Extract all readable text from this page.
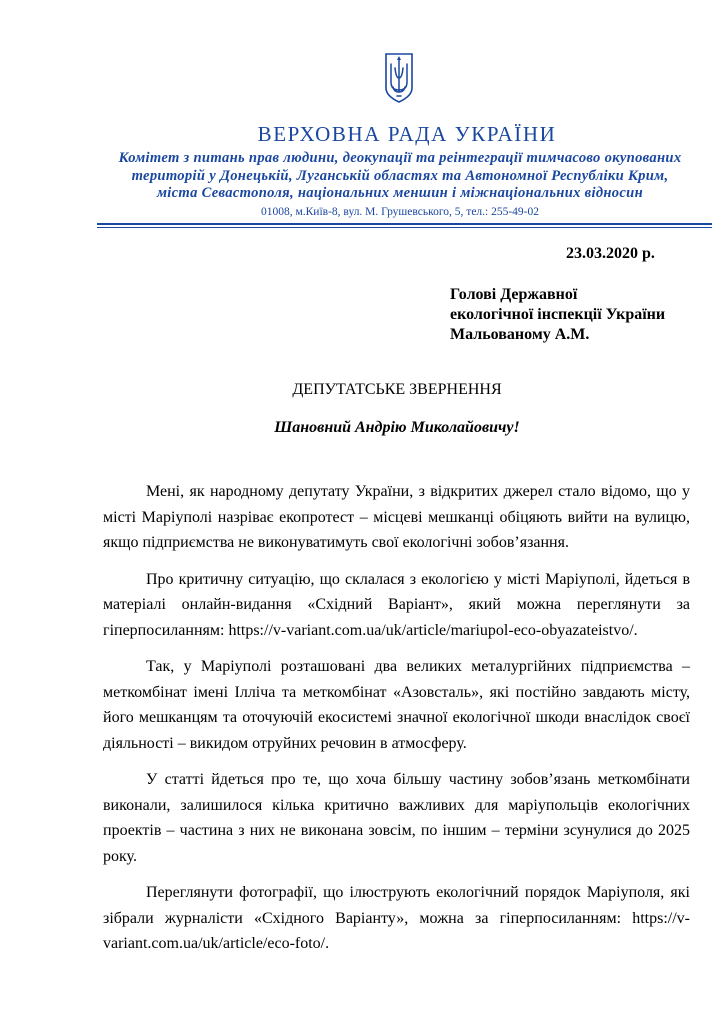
ВЕРХОВНА РАДА УКРАЇНИ
Комітет з питань прав людини, деокупації та реінтеграції тимчасово окупованих
територій у Донецькій, Луганській областях та Автономної Республіки Крим,
міста Севастополя, національних меншин і міжнаціональних відносин
01008, м.Київ-8, вул. М. Грушевського, 5, тел.: 255-49-02
23.03.2020 р.
Голові Державної
екологічної інспекції України
Мальованому А.М.
ДЕПУТАТСЬКЕ ЗВЕРНЕННЯ
Шановний Андрію Миколайовичу!

Мені, як народному депутату України, з відкритих джерел стало відомо, що у місті Маріуполі назріває екопротест – місцеві мешканці обіцяють вийти на вулицю, якщо підприємства не виконуватимуть свої екологічні зобов’язання.

Про критичну ситуацію, що склалася з екологією у місті Маріуполі, йдеться в матеріалі онлайн-видання «Східний Варіант», який можна переглянути за гіперпосиланням: https://v-variant.com.ua/uk/article/mariupol-eco-obyazateistvo/.

Так, у Маріуполі розташовані два великих металургійних підприємства – меткомбінат імені Ілліча та меткомбінат «Азовсталь», які постійно завдають місту, його мешканцям та оточуючій екосистемі значної екологічної шкоди внаслідок своєї діяльності – викидом отруйних речовин в атмосферу.

У статті йдеться про те, що хоча більшу частину зобов’язань меткомбінати виконали, залишилося кілька критично важливих для маріупольців екологічних проектів – частина з них не виконана зовсім, по іншим – терміни зсунулися до 2025 року.

Переглянути фотографії, що ілюструють екологічний порядок Маріуполя, які зібрали журналісти «Східного Варіанту», можна за гіперпосиланням: https://v-variant.com.ua/uk/article/eco-foto/.
